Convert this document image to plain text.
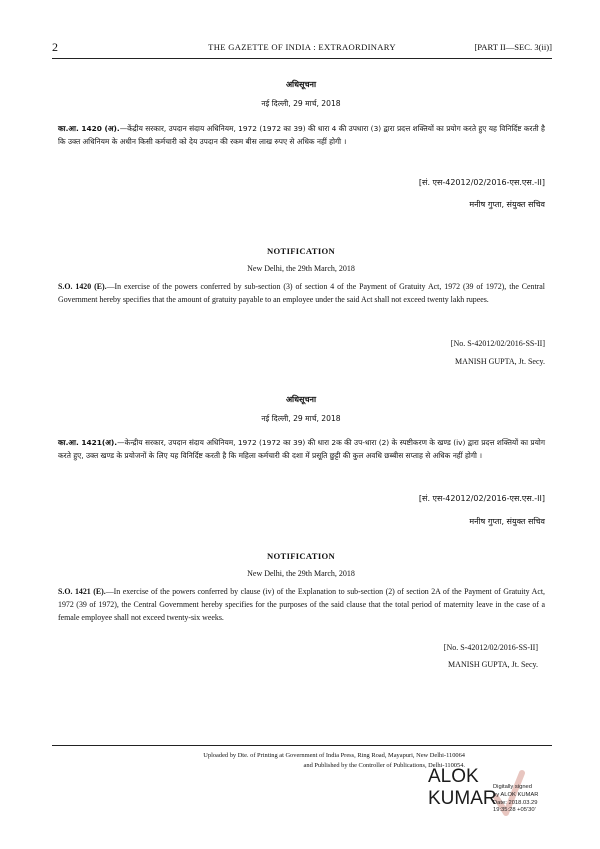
2	THE GAZETTE OF INDIA : EXTRAORDINARY	[PART II—SEC. 3(ii)]
अधिसूचना
नई दिल्ली, 29 मार्च, 2018
का.आ. 1420 (अ).—केंद्रीय सरकार, उपदान संदाय अधिनियम, 1972 (1972 का 39) की धारा 4 की उपधारा (3) द्वारा प्रदत्त शक्तियों का प्रयोग करते हुए यह विनिर्दिष्ट करती है कि उक्त अधिनियम के अधीन किसी कर्मचारी को देय उपदान की रकम बीस लाख रुपए से अधिक नहीं होगी ।
[सं. एस-42012/02/2016-एस.एस.-II]
मनीष गुप्ता, संयुक्त सचिव
NOTIFICATION
New Delhi, the 29th March, 2018
S.O. 1420 (E).—In exercise of the powers conferred by sub-section (3) of section 4 of the Payment of Gratuity Act, 1972 (39 of 1972), the Central Government hereby specifies that the amount of gratuity payable to an employee under the said Act shall not exceed twenty lakh rupees.
[No. S-42012/02/2016-SS-II]
MANISH GUPTA, Jt. Secy.
अधिसूचना
नई दिल्ली, 29 मार्च, 2018
का.आ. 1421(अ).—केन्द्रीय सरकार, उपदान संदाय अधिनियम, 1972 (1972 का 39) की धारा 2क की उप-धारा (2) के स्पष्टीकरण के खण्ड (iv) द्वारा प्रदत्त शक्तियों का प्रयोग करते हुए, उक्त खण्ड के प्रयोजनों के लिए यह विनिर्दिष्ट करती है कि महिला कर्मचारी की दशा में प्रसूति छुट्टी की कुल अवधि छब्बीस सप्ताह से अधिक नहीं होगी ।
[सं. एस-42012/02/2016-एस.एस.-II]
मनीष गुप्ता, संयुक्त सचिव
NOTIFICATION
New Delhi, the 29th March, 2018
S.O. 1421 (E).—In exercise of the powers conferred by clause (iv) of the Explanation to sub-section (2) of section 2A of the Payment of Gratuity Act, 1972 (39 of 1972), the Central Government hereby specifies for the purposes of the said clause that the total period of maternity leave in the case of a female employee shall not exceed twenty-six weeks.
[No. S-42012/02/2016-SS-II]
MANISH GUPTA, Jt. Secy.
Uploaded by Dte. of Printing at Government of India Press, Ring Road, Mayapuri, New Delhi-110064
and Published by the Controller of Publications, Delhi-110054.
ALOK
KUMAR
Digitally signed
by ALOK KUMAR
Date: 2018.03.29
19:35:28 +05'30'
